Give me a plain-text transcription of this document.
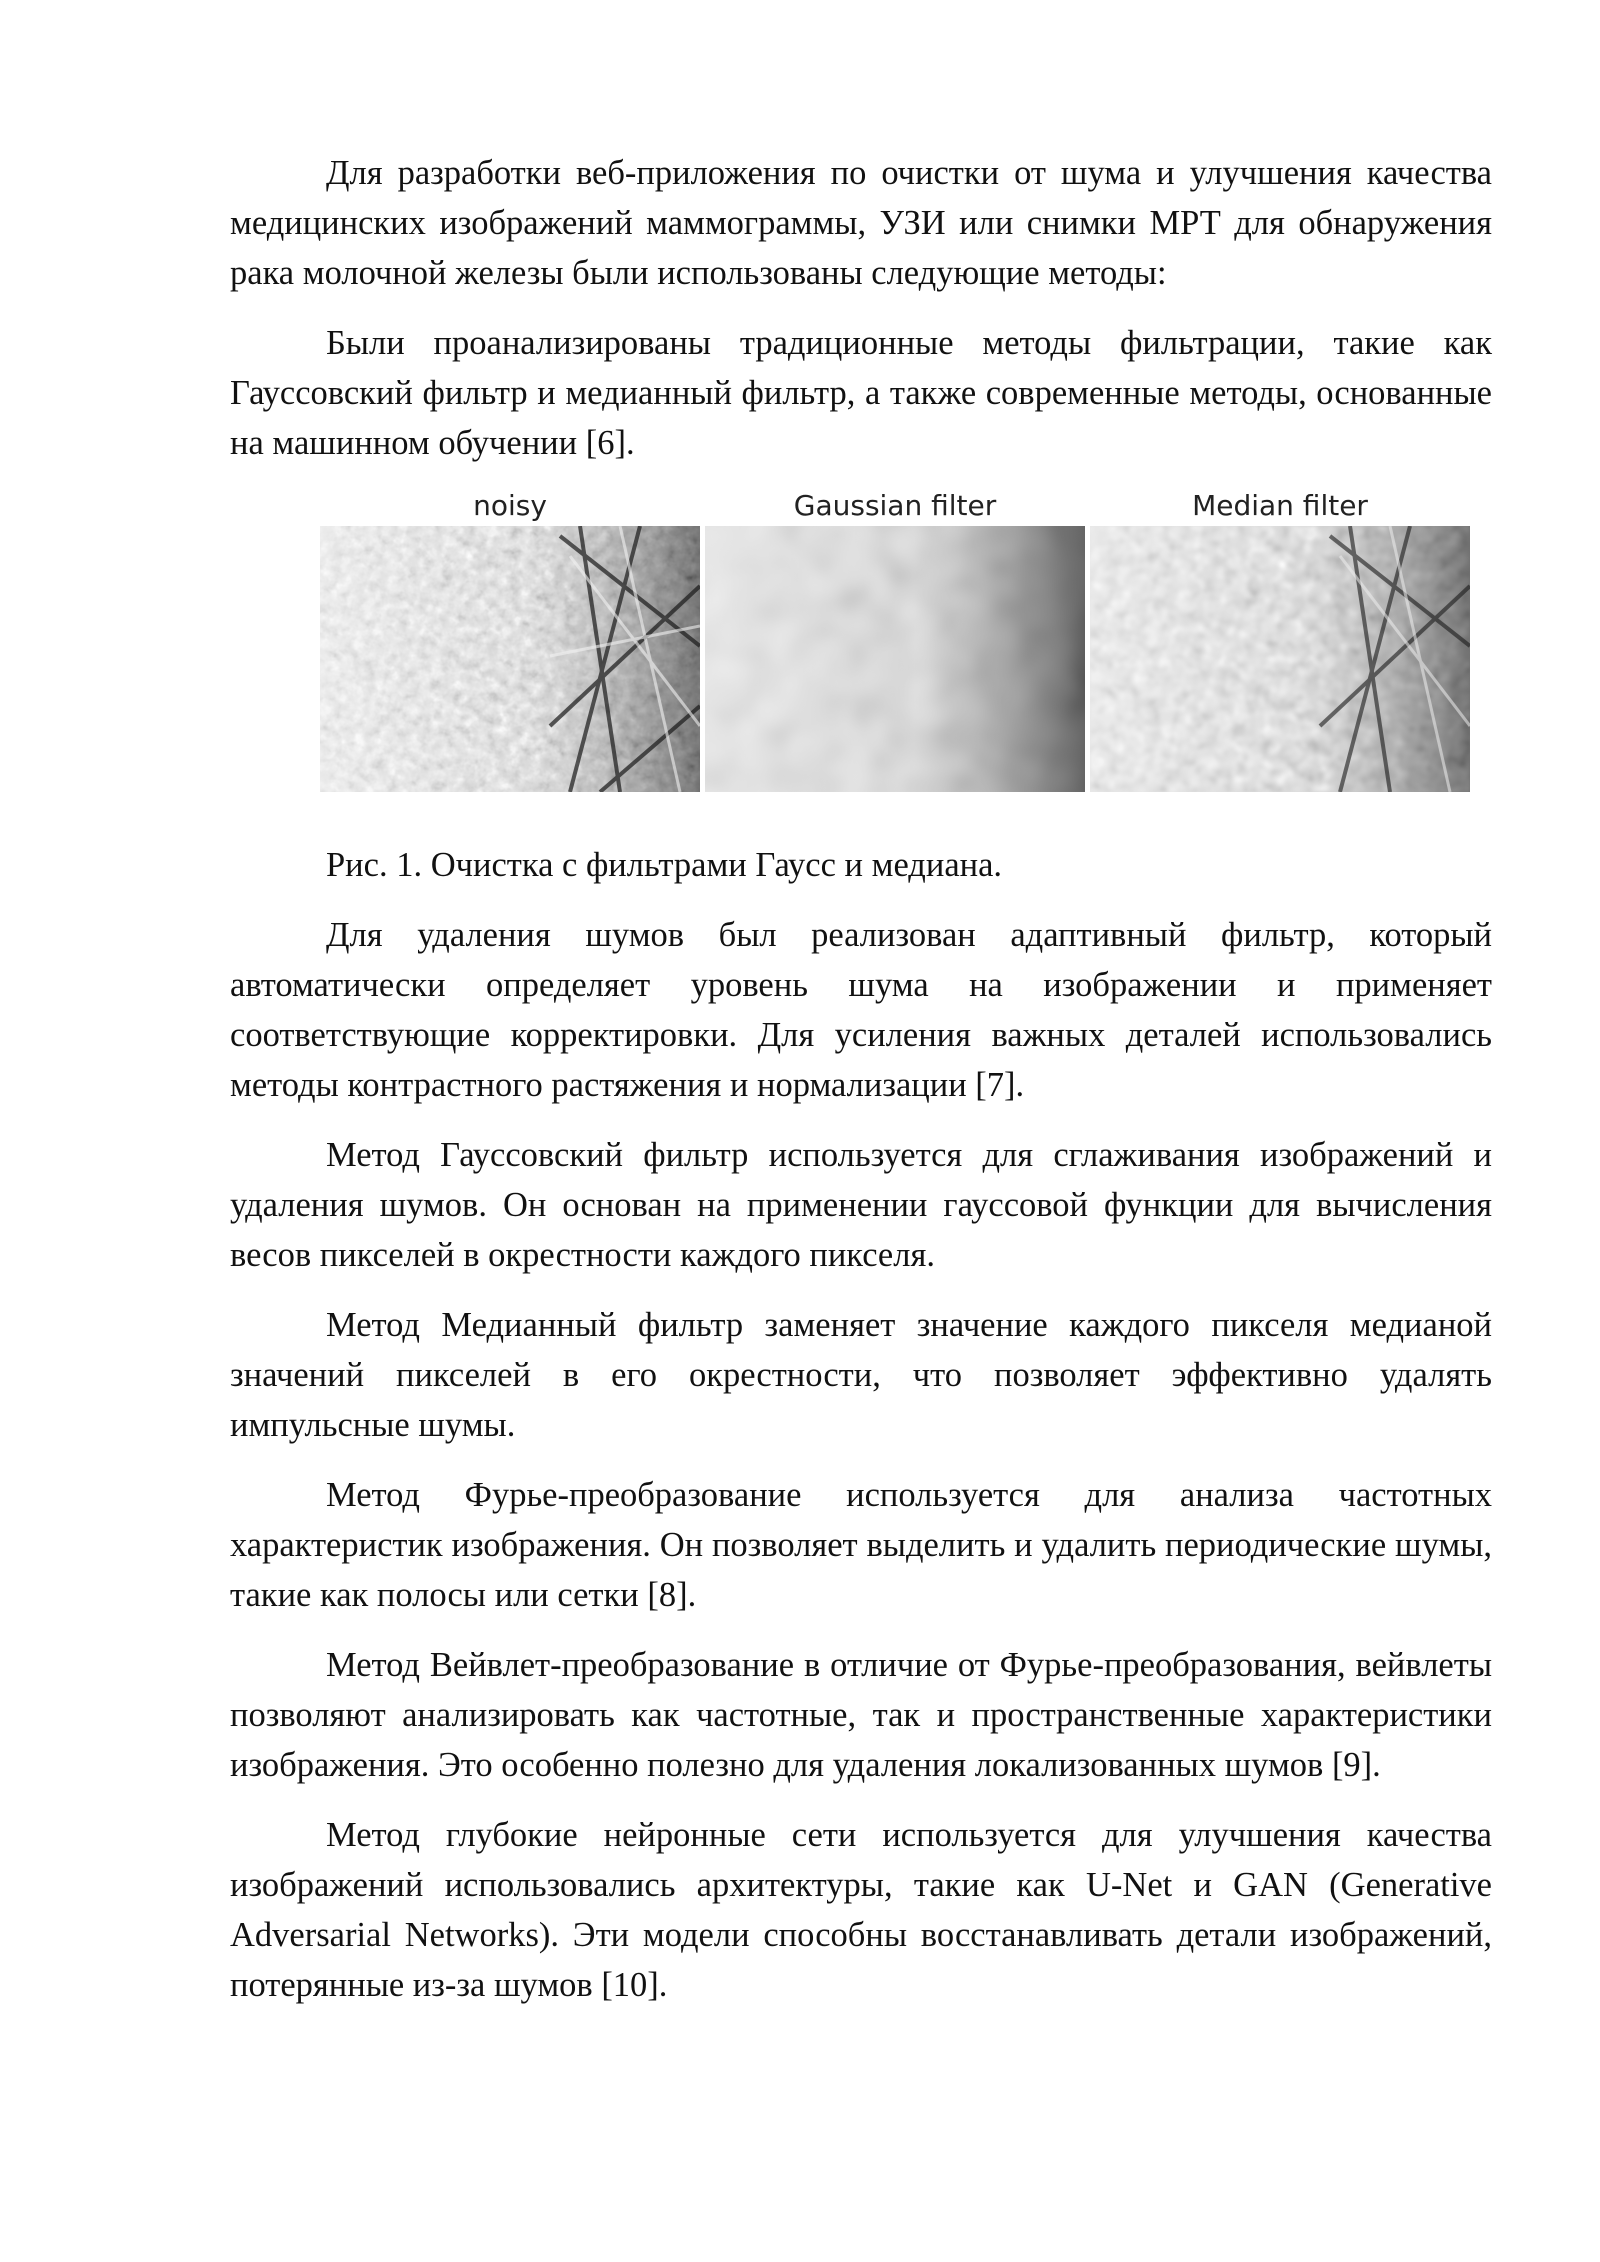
Для разработки веб-приложения по очистки от шума и улучшения качества медицинских изображений маммограммы, УЗИ или снимки МРТ для обнаружения рака молочной железы были использованы следующие методы:

Были проанализированы традиционные методы фильтрации, такие как Гауссовский фильтр и медианный фильтр, а также современные методы, основанные на машинном обучении [6].

noisy	Gaussian filter	Median filter

Рис. 1. Очистка с фильтрами Гаусс и медиана.

Для удаления шумов был реализован адаптивный фильтр, который автоматически определяет уровень шума на изображении и применяет соответствующие корректировки. Для усиления важных деталей использовались методы контрастного растяжения и нормализации [7].

Метод Гауссовский фильтр используется для сглаживания изображений и удаления шумов. Он основан на применении гауссовой функции для вычисления весов пикселей в окрестности каждого пикселя.

Метод Медианный фильтр заменяет значение каждого пикселя медианой значений пикселей в его окрестности, что позволяет эффективно удалять импульсные шумы.

Метод Фурье-преобразование используется для анализа частотных характеристик изображения. Он позволяет выделить и удалить периодические шумы, такие как полосы или сетки [8].

Метод Вейвлет-преобразование в отличие от Фурье-преобразования, вейвлеты позволяют анализировать как частотные, так и пространственные характеристики изображения. Это особенно полезно для удаления локализованных шумов [9].

Метод глубокие нейронные сети используется для улучшения качества изображений использовались архитектуры, такие как U-Net и GAN (Generative Adversarial Networks). Эти модели способны восстанавливать детали изображений, потерянные из-за шумов [10].
